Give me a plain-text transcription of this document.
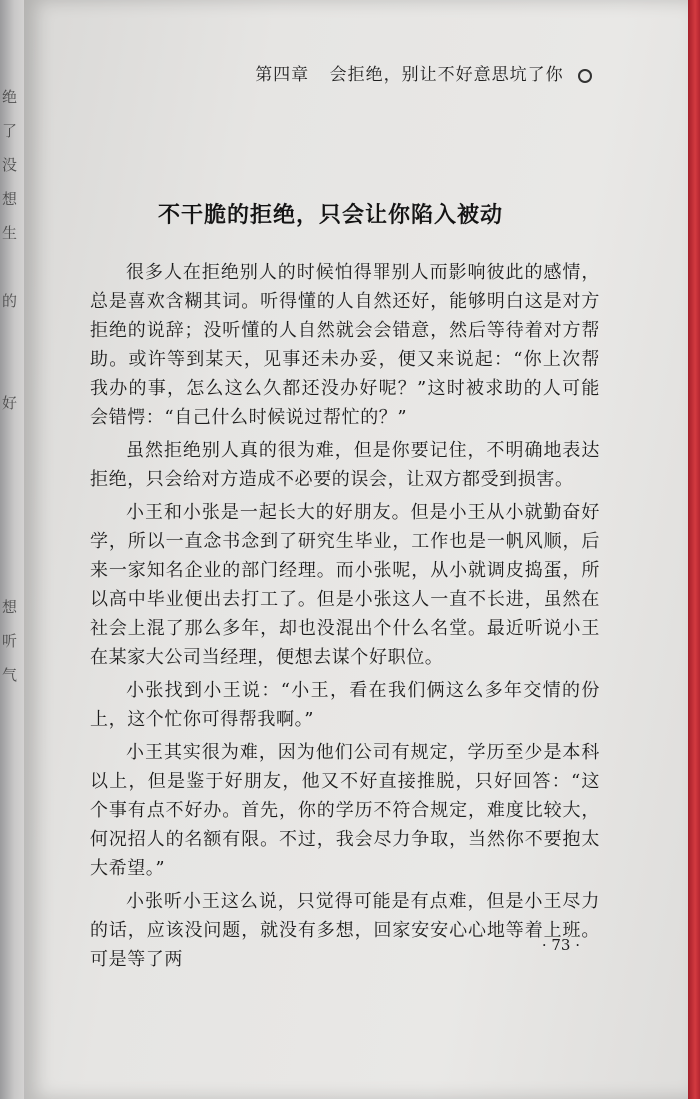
绝
了
没
想
生
的
好
想
听
气
第四章 会拒绝，别让不好意思坑了你

不干脆的拒绝，只会让你陷入被动

很多人在拒绝别人的时候怕得罪别人而影响彼此的感情，总是喜欢含糊其词。听得懂的人自然还好，能够明白这是对方拒绝的说辞；没听懂的人自然就会会错意，然后等待着对方帮助。或许等到某天，见事还未办妥，便又来说起：“你上次帮我办的事，怎么这么久都还没办好呢？”这时被求助的人可能会错愕：“自己什么时候说过帮忙的？”

虽然拒绝别人真的很为难，但是你要记住，不明确地表达拒绝，只会给对方造成不必要的误会，让双方都受到损害。

小王和小张是一起长大的好朋友。但是小王从小就勤奋好学，所以一直念书念到了研究生毕业，工作也是一帆风顺，后来一家知名企业的部门经理。而小张呢，从小就调皮捣蛋，所以高中毕业便出去打工了。但是小张这人一直不长进，虽然在社会上混了那么多年，却也没混出个什么名堂。最近听说小王在某家大公司当经理，便想去谋个好职位。

小张找到小王说：“小王，看在我们俩这么多年交情的份上，这个忙你可得帮我啊。”

小王其实很为难，因为他们公司有规定，学历至少是本科以上，但是鉴于好朋友，他又不好直接推脱，只好回答：“这个事有点不好办。首先，你的学历不符合规定，难度比较大，何况招人的名额有限。不过，我会尽力争取，当然你不要抱太大希望。”

小张听小王这么说，只觉得可能是有点难，但是小王尽力的话，应该没问题，就没有多想，回家安安心心地等着上班。可是等了两

· 73 ·
